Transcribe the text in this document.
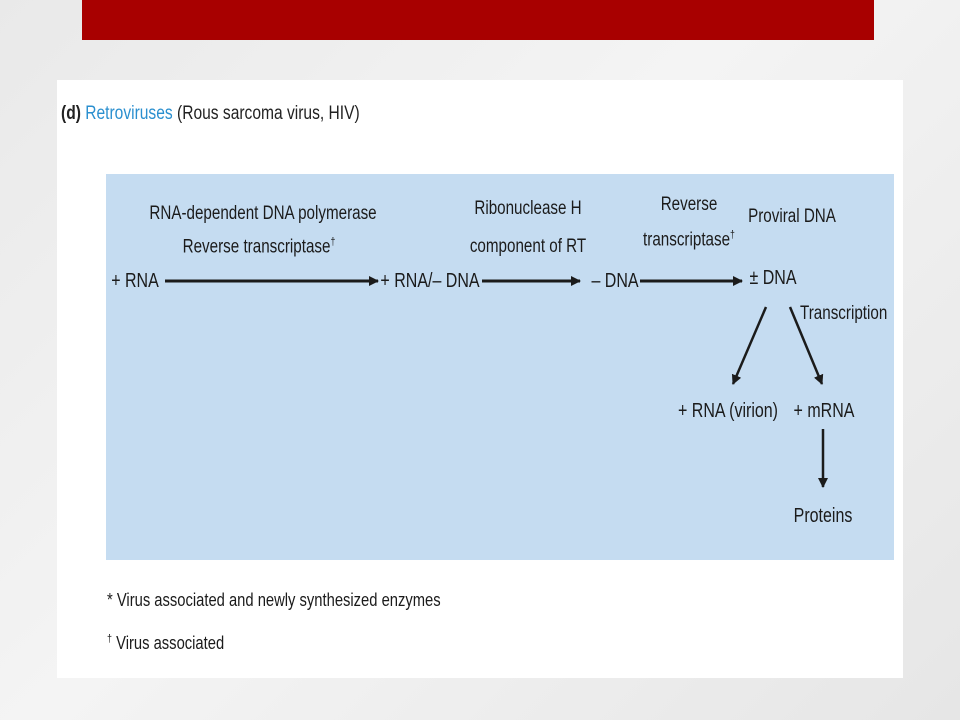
(d) Retroviruses (Rous sarcoma virus, HIV)

RNA-dependent DNA polymerase

Reverse transcriptase†

Ribonuclease H

component of RT

Reverse

transcriptase†

Proviral DNA

+ RNA	+ RNA/– DNA	– DNA	± DNA

Transcription

+ RNA (virion) + mRNA

Proteins

* Virus associated and newly synthesized enzymes

† Virus associated
